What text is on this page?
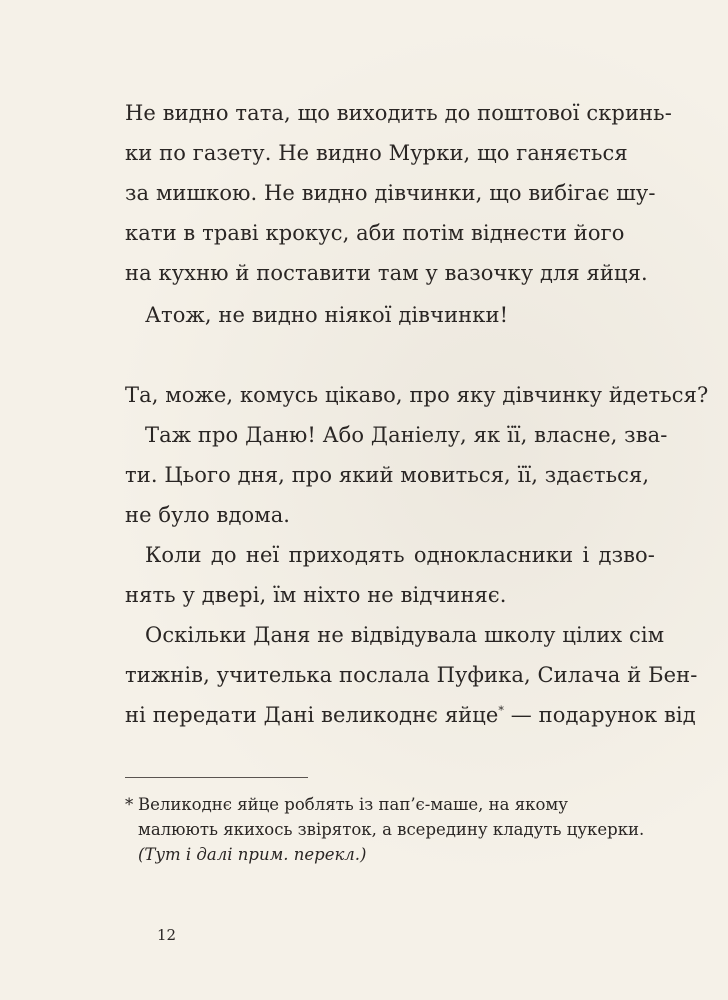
Не видно тата, що виходить до поштової скринь-
ки по газету. Не видно Мурки, що ганяється
за мишкою. Не видно дівчинки, що вибігає шу-
кати в траві крокус, аби потім віднести його
на кухню й поставити там у вазочку для яйця.
Атож, не видно ніякої дівчинки!
Та, може, комусь цікаво, про яку дівчинку йдеться?
Таж про Даню! Або Даніелу, як її, власне, зва-
ти. Цього дня, про який мовиться, її, здається,
не було вдома.
Коли до неї приходять однокласники і дзво-
нять у двері, їм ніхто не відчиняє.
Оскільки Даня не відвідувала школу цілих сім
тижнів, учителька послала Пуфика, Силача й Бен-
ні передати Дані великоднє яйце* — подарунок від
* Великоднє яйце роблять із пап’є-маше, на якому
малюють якихось звіряток, а всередину кладуть цукерки.
(Тут і далі прим. перекл.)
12
